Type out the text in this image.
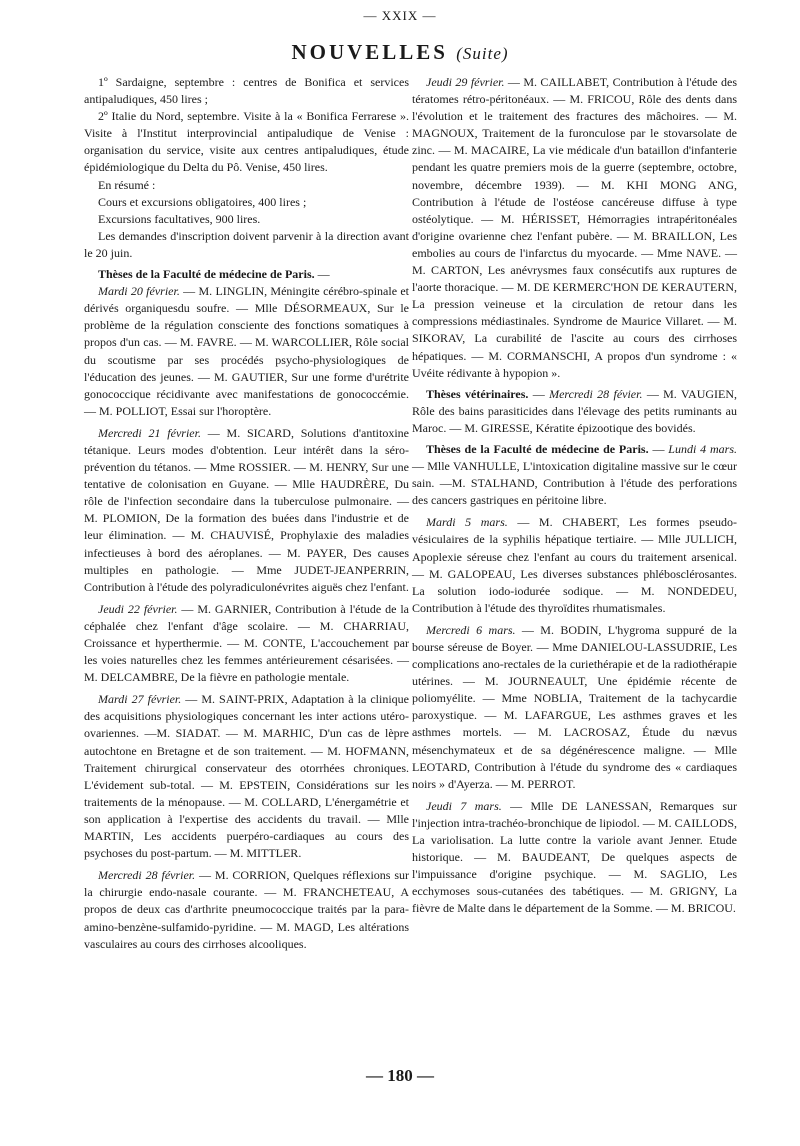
— XXIX —
NOUVELLES (Suite)

1º Sardaigne, septembre : centres de Bonifica et services antipaludiques, 450 lires ;

2º Italie du Nord, septembre. Visite à la « Bonifica Ferrarese ». Visite à l'Institut interprovincial antipaludique de Venise : organisation du service, visite aux centres antipaludiques, étude épidémiologique du Delta du Pô. Venise, 450 lires.

En résumé :

Cours et excursions obligatoires, 400 lires ;

Excursions facultatives, 900 lires.

Les demandes d'inscription doivent parvenir à la direction avant le 20 juin.

Thèses de la Faculté de médecine de Paris. —

Mardi 20 février. — M. LINGLIN, Méningite cérébro-spinale et dérivés organiquesdu soufre. — Mlle DÉSORMEAUX, Sur le problème de la régulation consciente des fonctions somatiques à propos d'un cas. — M. FAVRE. — M. WARCOLLIER, Rôle social du scoutisme par ses procédés psycho-physiologiques de l'éducation des jeunes. — M. GAUTIER, Sur une forme d'urétrite gonococcique récidivante avec manifestations de gonococcémie. — M. POLLIOT, Essai sur l'horoptère.

Mercredi 21 février. — M. SICARD, Solutions d'antitoxine tétanique. Leurs modes d'obtention. Leur intérêt dans la séro-prévention du tétanos. — Mme ROSSIER. — M. HENRY, Sur une tentative de colonisation en Guyane. — Mlle HAUDRÈRE, Du rôle de l'infection secondaire dans la tuberculose pulmonaire. — M. PLOMION, De la formation des buées dans l'industrie et de leur élimination. — M. CHAUVISÉ, Prophylaxie des maladies infectieuses à bord des aéroplanes. — M. PAYER, Des causes multiples en pathologie. — Mme JUDET-JEANPERRIN, Contribution à l'étude des polyradiculonévrites aiguës chez l'enfant.

Jeudi 22 février. — M. GARNIER, Contribution à l'étude de la céphalée chez l'enfant d'âge scolaire. — M. CHARRIAU, Croissance et hyperthermie. — M. CONTE, L'accouchement par les voies naturelles chez les femmes antérieurement césarisées. —M. DELCAMBRE, De la fièvre en pathologie mentale.

Mardi 27 février. — M. SAINT-PRIX, Adaptation à la clinique des acquisitions physiologiques concernant les inter actions utéro-ovariennes. —M. SIADAT. — M. MARHIC, D'un cas de lèpre autochtone en Bretagne et de son traitement. — M. HOFMANN, Traitement chirurgical conservateur des otorrhées chroniques. L'évidement sub-total. — M. EPSTEIN, Considérations sur les traitements de la ménopause. — M. COLLARD, L'énergamétrie et son application à l'expertise des accidents du travail. — Mlle MARTIN, Les accidents puerpéro-cardiaques au cours des psychoses du post-partum. — M. MITTLER.

Mercredi 28 février. — M. CORRION, Quelques réflexions sur la chirurgie endo-nasale courante. — M. FRANCHETEAU, A propos de deux cas d'arthrite pneumococcique traités par la para-amino-benzène-sulfamido-pyridine. — M. MAGD, Les altérations vasculaires au cours des cirrhoses alcooliques.

Jeudi 29 février. — M. CAILLABET, Contribution à l'étude des tératomes rétro-péritonéaux. — M. FRICOU, Rôle des dents dans l'évolution et le traitement des fractures des mâchoires. — M. MAGNOUX, Traitement de la furonculose par le stovarsolate de zinc. — M. MACAIRE, La vie médicale d'un bataillon d'infanterie pendant les quatre premiers mois de la guerre (septembre, octobre, novembre, décembre 1939). — M. KHI MONG ANG, Contribution à l'étude de l'ostéose cancéreuse diffuse à type ostéolytique. — M. HÉRISSET, Hémorragies intrapéritonéales d'origine ovarienne chez l'enfant pubère. — M. BRAILLON, Les embolies au cours de l'infarctus du myocarde. — Mme NAVE. — M. CARTON, Les anévrysmes faux consécutifs aux ruptures de l'aorte thoracique. — M. DE KERMERC'HON DE KERAUTERN, La pression veineuse et la circulation de retour dans les compressions médiastinales. Syndrome de Maurice Villaret. — M. SIKORAV, La curabilité de l'ascite au cours des cirrhoses hépatiques. — M. CORMANSCHI, A propos d'un syndrome : « Uvéite rédivante à hypopion ».

Thèses vétérinaires. — Mercredi 28 févier. — M. VAUGIEN, Rôle des bains parasiticides dans l'élevage des petits ruminants au Maroc. — M. GIRESSE, Kératite épizootique des bovidés.

Thèses de la Faculté de médecine de Paris. — Lundi 4 mars. — Mlle VANHULLE, L'intoxication digitaline massive sur le cœur sain. —M. STALHAND, Contribution à l'étude des perforations des cancers gastriques en péritoine libre.

Mardi 5 mars. — M. CHABERT, Les formes pseudo-vésiculaires de la syphilis hépatique tertiaire. — Mlle JULLICH, Apoplexie séreuse chez l'enfant au cours du traitement arsenical. — M. GALOPEAU, Les diverses substances phlébosclérosantes. La solution iodo-iodurée sodique. — M. NONDEDEU, Contribution à l'étude des thyroïdites rhumatismales.

Mercredi 6 mars. — M. BODIN, L'hygroma suppuré de la bourse séreuse de Boyer. — Mme DANIELOU-LASSUDRIE, Les complications ano-rectales de la curiethérapie et de la radiothérapie utérines. — M. JOURNEAULT, Une épidémie récente de poliomyélite. — Mme NOBLIA, Traitement de la tachycardie paroxystique. — M. LAFARGUE, Les asthmes graves et les asthmes mortels. — M. LACROSAZ, Étude du nævus mésenchymateux et de sa dégénérescence maligne. — Mlle LEOTARD, Contribution à l'étude du syndrome des « cardiaques noirs » d'Ayerza. — M. PERROT.

Jeudi 7 mars. — Mlle DE LANESSAN, Remarques sur l'injection intra-trachéo-bronchique de lipiodol. — M. CAILLODS, La variolisation. La lutte contre la variole avant Jenner. Etude historique. — M. BAUDEANT, De quelques aspects de l'impuissance d'origine psychique. — M. SAGLIO, Les ecchymoses sous-cutanées des tabétiques. — M. GRIGNY, La fièvre de Malte dans le département de la Somme. — M. BRICOU.

— 180 —
